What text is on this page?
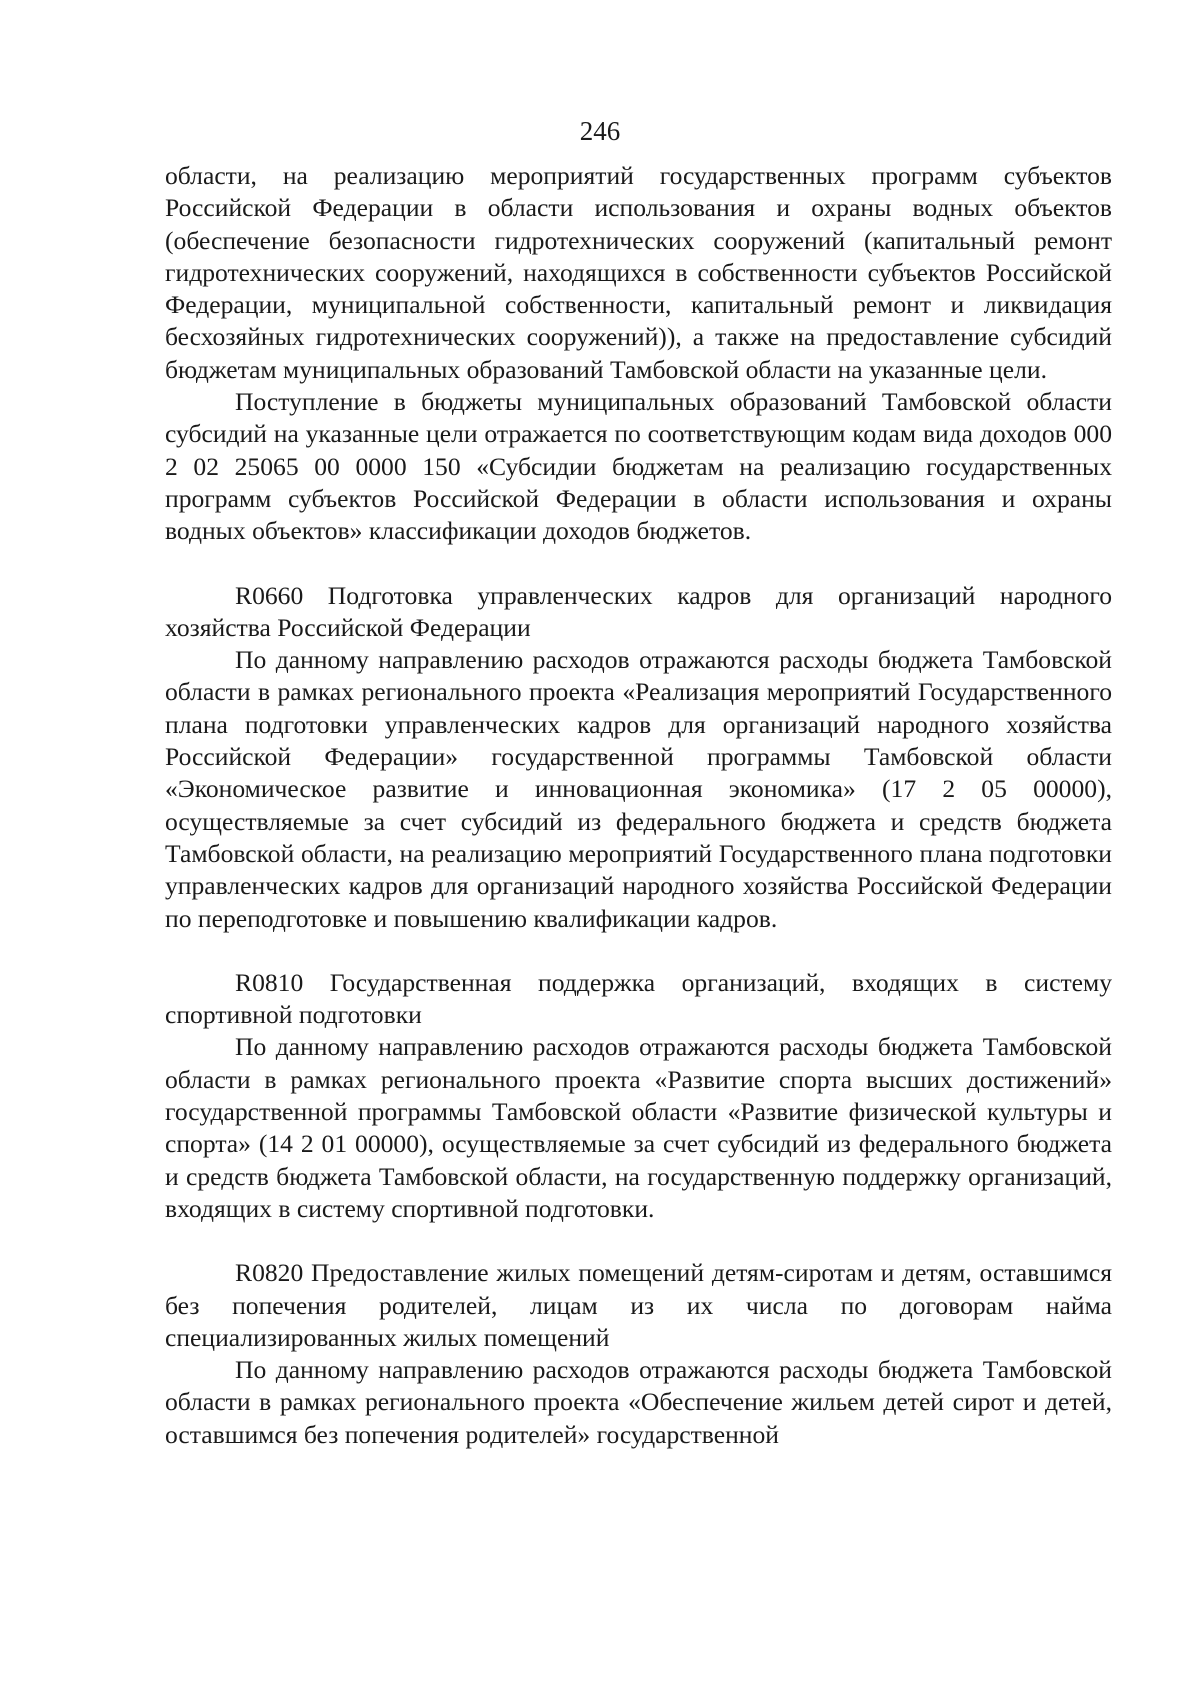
246

области, на реализацию мероприятий государственных программ субъектов Российской Федерации в области использования и охраны водных объектов (обеспечение безопасности гидротехнических сооружений (капитальный ремонт гидротехнических сооружений, находящихся в собственности субъектов Российской Федерации, муниципальной собственности, капитальный ремонт и ликвидация бесхозяйных гидротехнических сооружений)), а также на предоставление субсидий бюджетам муниципальных образований Тамбовской области на указанные цели.

Поступление в бюджеты муниципальных образований Тамбовской области субсидий на указанные цели отражается по соответствующим кодам вида доходов 000 2 02 25065 00 0000 150 «Субсидии бюджетам на реализацию государственных программ субъектов Российской Федерации в области использования и охраны водных объектов» классификации доходов бюджетов.

R0660 Подготовка управленческих кадров для организаций народного хозяйства Российской Федерации

По данному направлению расходов отражаются расходы бюджета Тамбовской области в рамках регионального проекта «Реализация мероприятий Государственного плана подготовки управленческих кадров для организаций народного хозяйства Российской Федерации» государственной программы Тамбовской области «Экономическое развитие и инновационная экономика» (17 2 05 00000), осуществляемые за счет субсидий из федерального бюджета и средств бюджета Тамбовской области, на реализацию мероприятий Государственного плана подготовки управленческих кадров для организаций народного хозяйства Российской Федерации по переподготовке и повышению квалификации кадров.

R0810 Государственная поддержка организаций, входящих в систему спортивной подготовки

По данному направлению расходов отражаются расходы бюджета Тамбовской области в рамках регионального проекта «Развитие спорта высших достижений» государственной программы Тамбовской области «Развитие физической культуры и спорта» (14 2 01 00000), осуществляемые за счет субсидий из федерального бюджета и средств бюджета Тамбовской области, на государственную поддержку организаций, входящих в систему спортивной подготовки.

R0820 Предоставление жилых помещений детям-сиротам и детям, оставшимся без попечения родителей, лицам из их числа по договорам найма специализированных жилых помещений

По данному направлению расходов отражаются расходы бюджета Тамбовской области в рамках регионального проекта «Обеспечение жильем детей сирот и детей, оставшимся без попечения родителей» государственной
